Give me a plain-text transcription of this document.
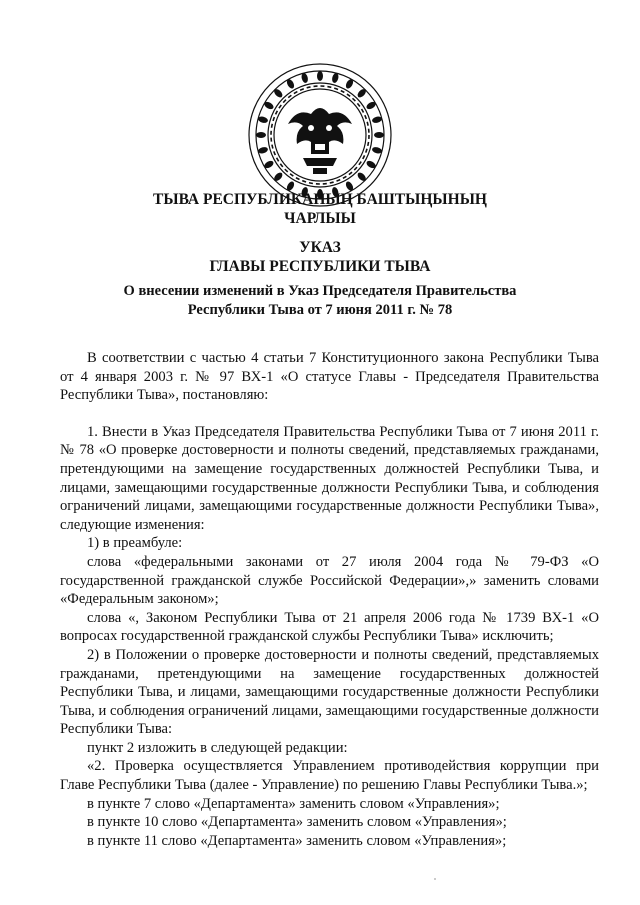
ТЫВА РЕСПУБЛИКАНЫҢ БАШТЫҢЫНЫҢ
ЧАРЛЫЫ
УКАЗ
ГЛАВЫ РЕСПУБЛИКИ ТЫВА
О внесении изменений в Указ Председателя Правительства
Республики Тыва от 7 июня 2011 г. № 78

В соответствии с частью 4 статьи 7 Конституционного закона Республики Тыва от 4 января 2003 г. № 97 ВХ-1 «О статусе Главы - Председателя Правительства Республики Тыва», постановляю:

1. Внести в Указ Председателя Правительства Республики Тыва от 7 июня 2011 г. № 78 «О проверке достоверности и полноты сведений, представляемых гражданами, претендующими на замещение государственных должностей Республики Тыва, и лицами, замещающими государственные должности Республики Тыва, и соблюдения ограничений лицами, замещающими государственные должности Республики Тыва», следующие изменения:

1) в преамбуле:

слова «федеральными законами от 27 июля 2004 года № 79-ФЗ «О государственной гражданской службе Российской Федерации»,» заменить словами «Федеральным законом»;

слова «, Законом Республики Тыва от 21 апреля 2006 года № 1739 ВХ-1 «О вопросах государственной гражданской службы Республики Тыва» исключить;

2) в Положении о проверке достоверности и полноты сведений, представляемых гражданами, претендующими на замещение государственных должностей Республики Тыва, и лицами, замещающими государственные должности Республики Тыва, и соблюдения ограничений лицами, замещающими государственные должности Республики Тыва:

пункт 2 изложить в следующей редакции:

«2. Проверка осуществляется Управлением противодействия коррупции при Главе Республики Тыва (далее - Управление) по решению Главы Республики Тыва.»;

в пункте 7 слово «Департамента» заменить словом «Управления»;

в пункте 10 слово «Департамента» заменить словом «Управления»;

в пункте 11 слово «Департамента» заменить словом «Управления»;
